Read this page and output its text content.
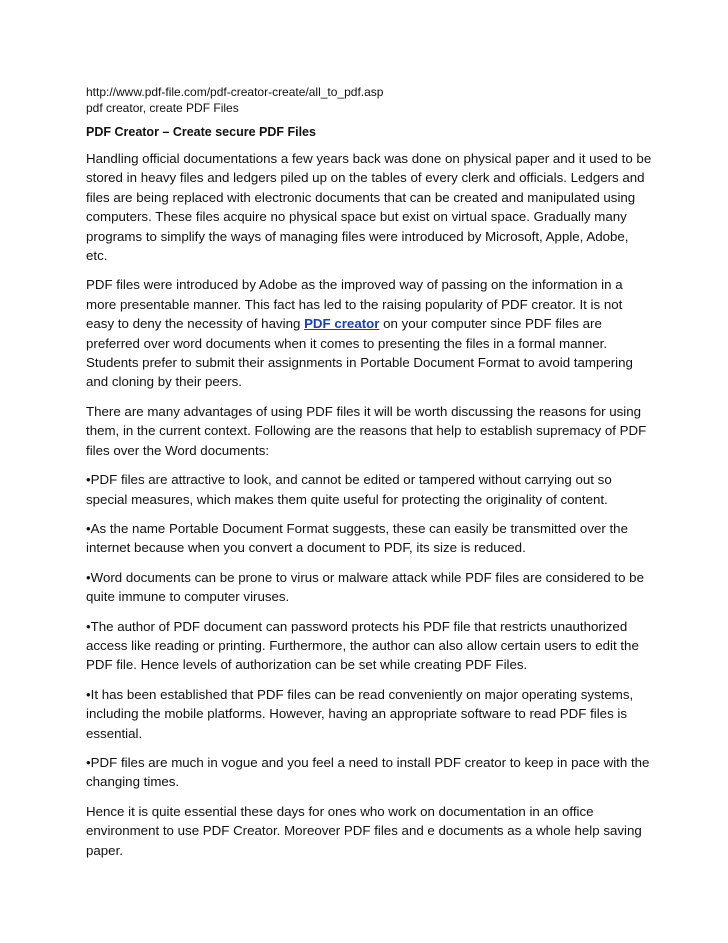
http://www.pdf-file.com/pdf-creator-create/all_to_pdf.asp

pdf creator, create PDF Files

PDF Creator – Create secure PDF Files

Handling official documentations a few years back was done on physical paper and it used to be stored in heavy files and ledgers piled up on the tables of every clerk and officials. Ledgers and files are being replaced with electronic documents that can be created and manipulated using computers. These files acquire no physical space but exist on virtual space. Gradually many programs to simplify the ways of managing files were introduced by Microsoft, Apple, Adobe, etc.

PDF files were introduced by Adobe as the improved way of passing on the information in a more presentable manner. This fact has led to the raising popularity of PDF creator. It is not easy to deny the necessity of having PDF creator on your computer since PDF files are preferred over word documents when it comes to presenting the files in a formal manner. Students prefer to submit their assignments in Portable Document Format to avoid tampering and cloning by their peers.

There are many advantages of using PDF files it will be worth discussing the reasons for using them, in the current context. Following are the reasons that help to establish supremacy of PDF files over the Word documents:

•PDF files are attractive to look, and cannot be edited or tampered without carrying out so special measures, which makes them quite useful for protecting the originality of content.

•As the name Portable Document Format suggests, these can easily be transmitted over the internet because when you convert a document to PDF, its size is reduced.

•Word documents can be prone to virus or malware attack while PDF files are considered to be quite immune to computer viruses.

•The author of PDF document can password protects his PDF file that restricts unauthorized access like reading or printing. Furthermore, the author can also allow certain users to edit the PDF file. Hence levels of authorization can be set while creating PDF Files.

•It has been established that PDF files can be read conveniently on major operating systems, including the mobile platforms. However, having an appropriate software to read PDF files is essential.

•PDF files are much in vogue and you feel a need to install PDF creator to keep in pace with the changing times.

Hence it is quite essential these days for ones who work on documentation in an office environment to use PDF Creator. Moreover PDF files and e documents as a whole help saving paper.
